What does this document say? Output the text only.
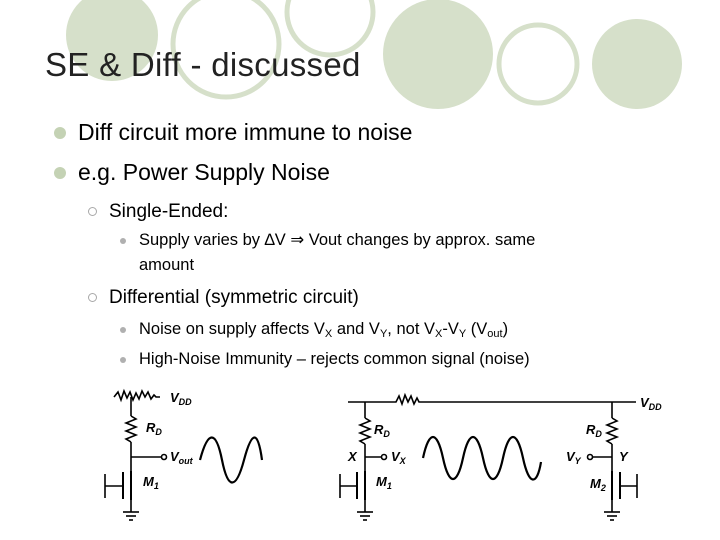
SE & Diff - discussed
Diff circuit more immune to noise
e.g. Power Supply Noise
Single-Ended:
Supply varies by ∆V ⇒ Vout changes by approx. same
amount
Differential (symmetric circuit)
Noise on supply affects $V_X$ and $V_Y$, not $V_X-V_Y$ $(V_{out})$
High-Noise Immunity – rejects common signal (noise)
$V_{DD}$
$R_D$
$V_{out}$
$M_1$
$V_{DD}$
$R_D$	$R_D$
X	$V_X$	Y
$V_Y$
$M_1$	$M_2$
